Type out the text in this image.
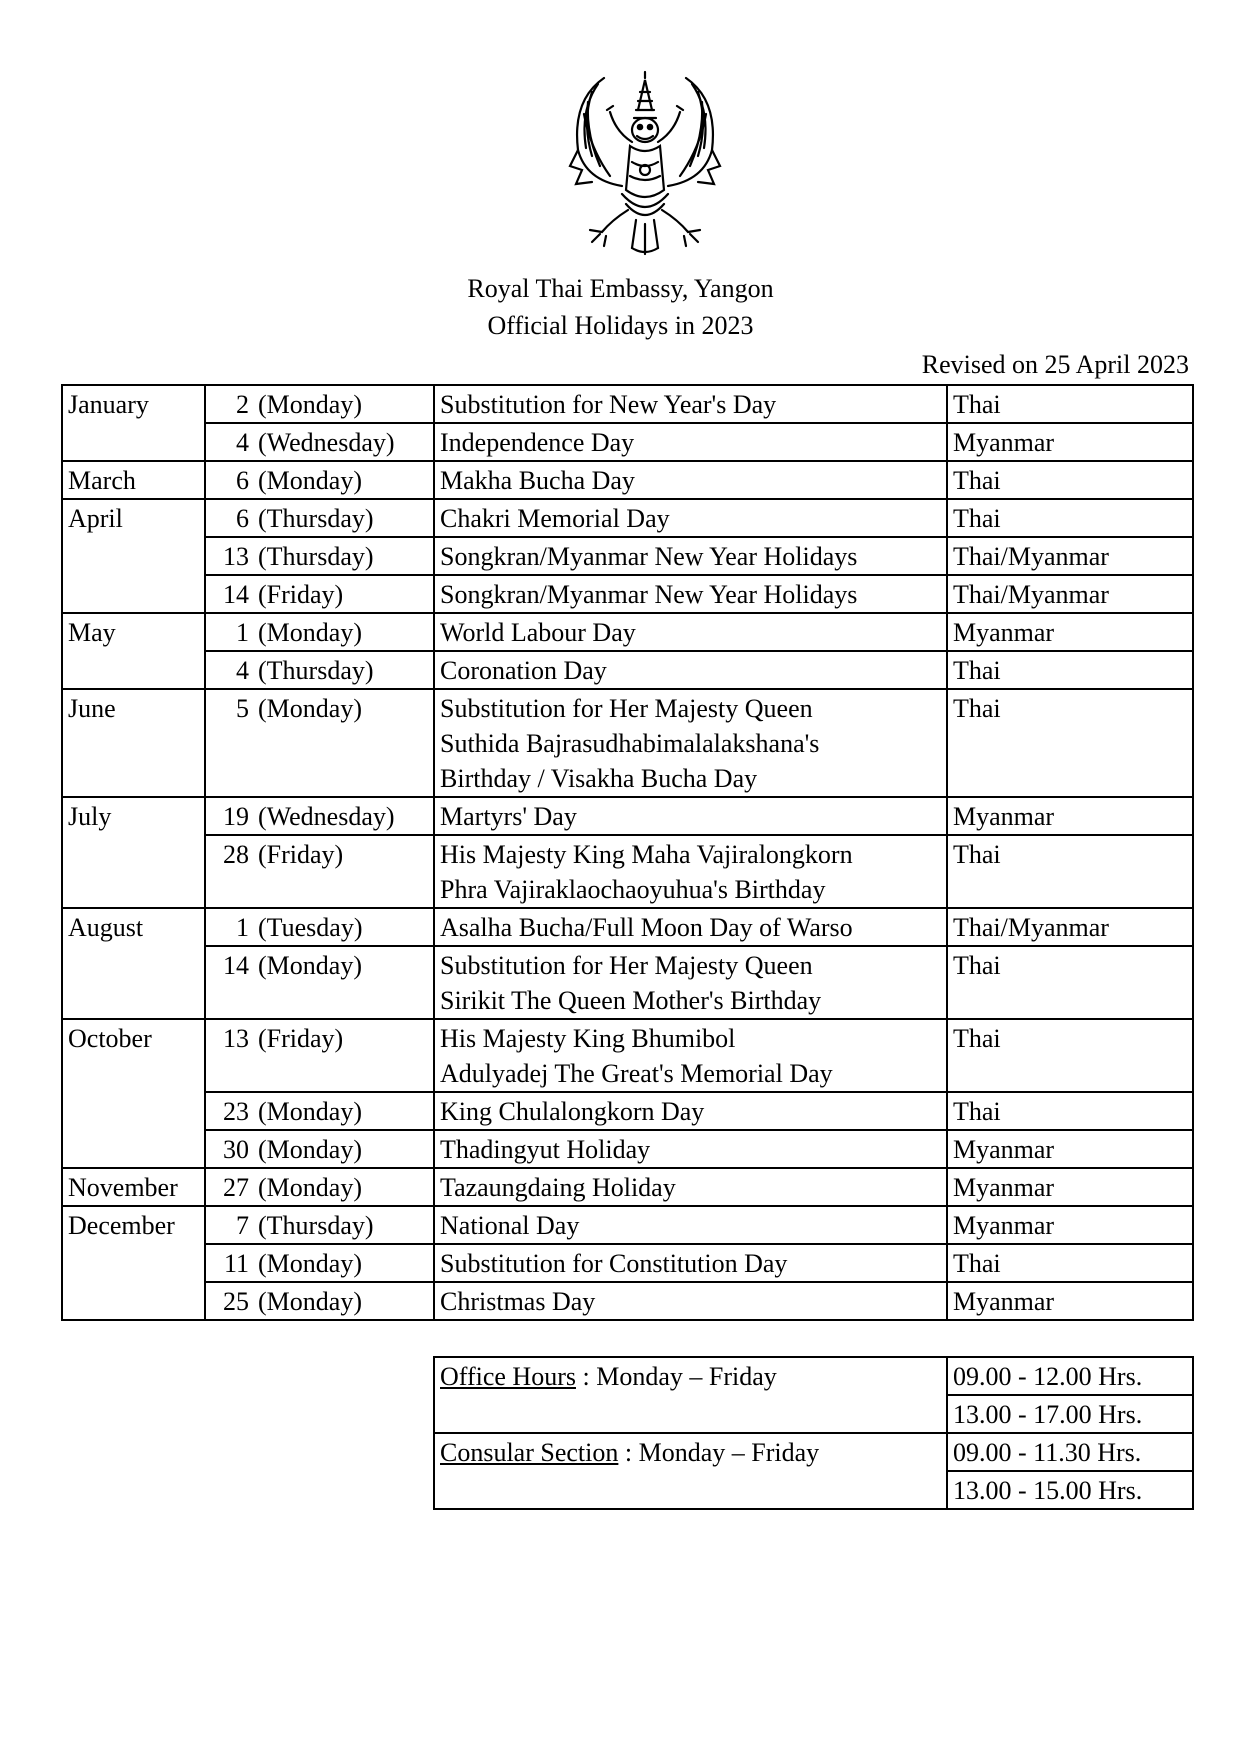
Royal Thai Embassy, Yangon
Official Holidays in 2023
Revised on 25 April 2023
January	2 (Monday)	Substitution for New Year's Day	Thai
	4 (Wednesday)	Independence Day	Myanmar
March	6 (Monday)	Makha Bucha Day	Thai
April	6 (Thursday)	Chakri Memorial Day	Thai
	13 (Thursday)	Songkran/Myanmar New Year Holidays	Thai/Myanmar
	14 (Friday)	Songkran/Myanmar New Year Holidays	Thai/Myanmar
May	1 (Monday)	World Labour Day	Myanmar
	4 (Thursday)	Coronation Day	Thai
June	5 (Monday)	Substitution for Her Majesty Queen
Suthida Bajrasudhabimalalakshana's
Birthday / Visakha Bucha Day	Thai
July	19 (Wednesday)	Martyrs' Day	Myanmar
	28 (Friday)	His Majesty King Maha Vajiralongkorn
Phra Vajiraklaochaoyuhua's Birthday	Thai
August	1 (Tuesday)	Asalha Bucha/Full Moon Day of Warso	Thai/Myanmar
	14 (Monday)	Substitution for Her Majesty Queen
Sirikit The Queen Mother's Birthday	Thai
October	13 (Friday)	His Majesty King Bhumibol
Adulyadej The Great's Memorial Day	Thai
	23 (Monday)	King Chulalongkorn Day	Thai
	30 (Monday)	Thadingyut Holiday	Myanmar
November	27 (Monday)	Tazaungdaing Holiday	Myanmar
December	7 (Thursday)	National Day	Myanmar
	11 (Monday)	Substitution for Constitution Day	Thai
	25 (Monday)	Christmas Day	Myanmar
Office Hours : Monday – Friday	09.00 - 12.00 Hrs.
	13.00 - 17.00 Hrs.
Consular Section : Monday – Friday	09.00 - 11.30 Hrs.
	13.00 - 15.00 Hrs.
